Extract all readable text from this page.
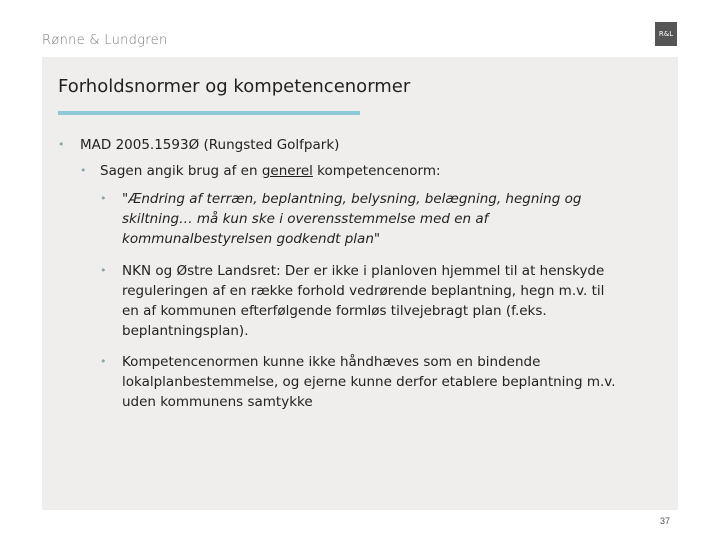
Rønne & Lundgren	R&L
Forholdsnormer og kompetencenormer
• MAD 2005.1593Ø (Rungsted Golfpark)
• Sagen angik brug af en generel kompetencenorm:
• "Ændring af terræn, beplantning, belysning, belægning, hegning og
skiltning… må kun ske i overensstemmelse med en af
kommunalbestyrelsen godkendt plan"
• NKN og Østre Landsret: Der er ikke i planloven hjemmel til at henskyde
reguleringen af en række forhold vedrørende beplantning, hegn m.v. til
en af kommunen efterfølgende formløs tilvejebragt plan (f.eks.
beplantningsplan).
• Kompetencenormen kunne ikke håndhæves som en bindende
lokalplanbestemmelse, og ejerne kunne derfor etablere beplantning m.v.
uden kommunens samtykke
37
